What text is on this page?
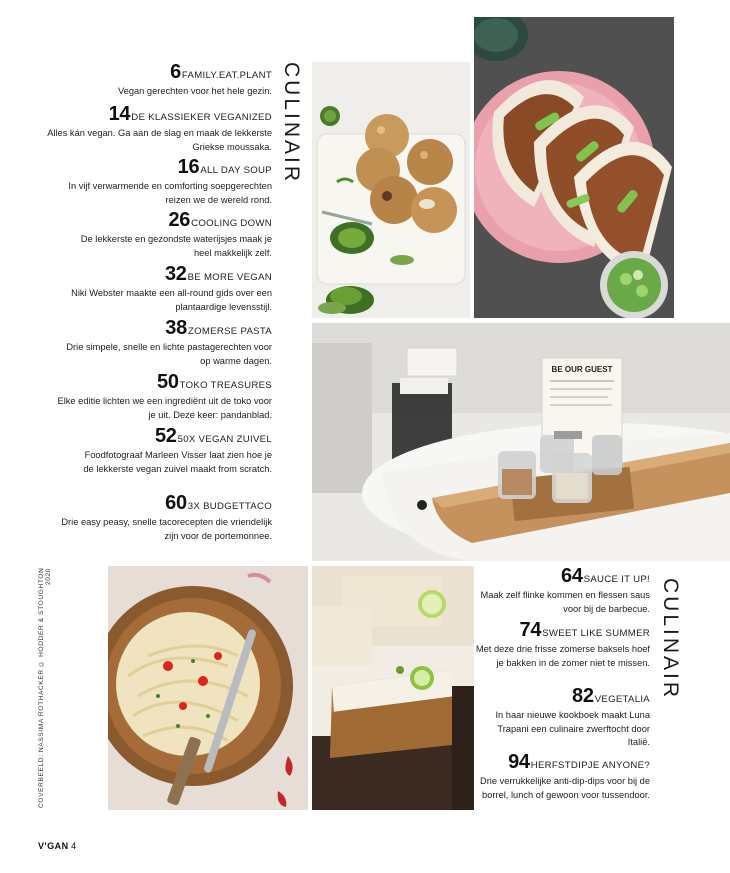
6FAMILY.EAT.PLANT
Vegan gerechten voor het hele gezin.
14DE KLASSIEKER VEGANIZED
Alles kán vegan. Ga aan de slag en maak de lekkerste Griekse moussaka.
16ALL DAY SOUP
In vijf verwarmende en comforting soepgerechten reizen we de wereld rond.
26COOLING DOWN
De lekkerste en gezondste waterijsjes maak je heel makkelijk zelf.
32BE MORE VEGAN
Niki Webster maakte een all-round gids over een plantaardige levensstijl.
38ZOMERSE PASTA
Drie simpele, snelle en lichte pastagerechten voor op warme dagen.
50TOKO TREASURES
Elke editie lichten we een ingrediënt uit de toko voor je uit. Deze keer: pandanblad.
5250X VEGAN ZUIVEL
Foodfotograaf Marleen Visser laat zien hoe je de lekkerste vegan zuivel maakt from scratch.
603X BUDGETTACO
Drie easy peasy, snelle tacorecepten die vriendelijk zijn voor de portemonnee.
CULINAIR
BE OUR GUEST
CULINAIR
64SAUCE IT UP!
Maak zelf flinke kommen en flessen saus voor bij de barbecue.
74SWEET LIKE SUMMER
Met deze drie frisse zomerse baksels hoef je bakken in de zomer niet te missen.
82VEGETALIA
In haar nieuwe kookboek maakt Luna Trapani een culinaire zwerftocht door Italië.
94HERFSTDIPJE ANYONE?
Drie verrukkelijke anti-dip-dips voor bij de borrel, lunch of gewoon voor tussendoor.
COVERBEELD: NASSIMA ROTHACKER © HODDER & STOUGHTON 2020
V'GAN 4
